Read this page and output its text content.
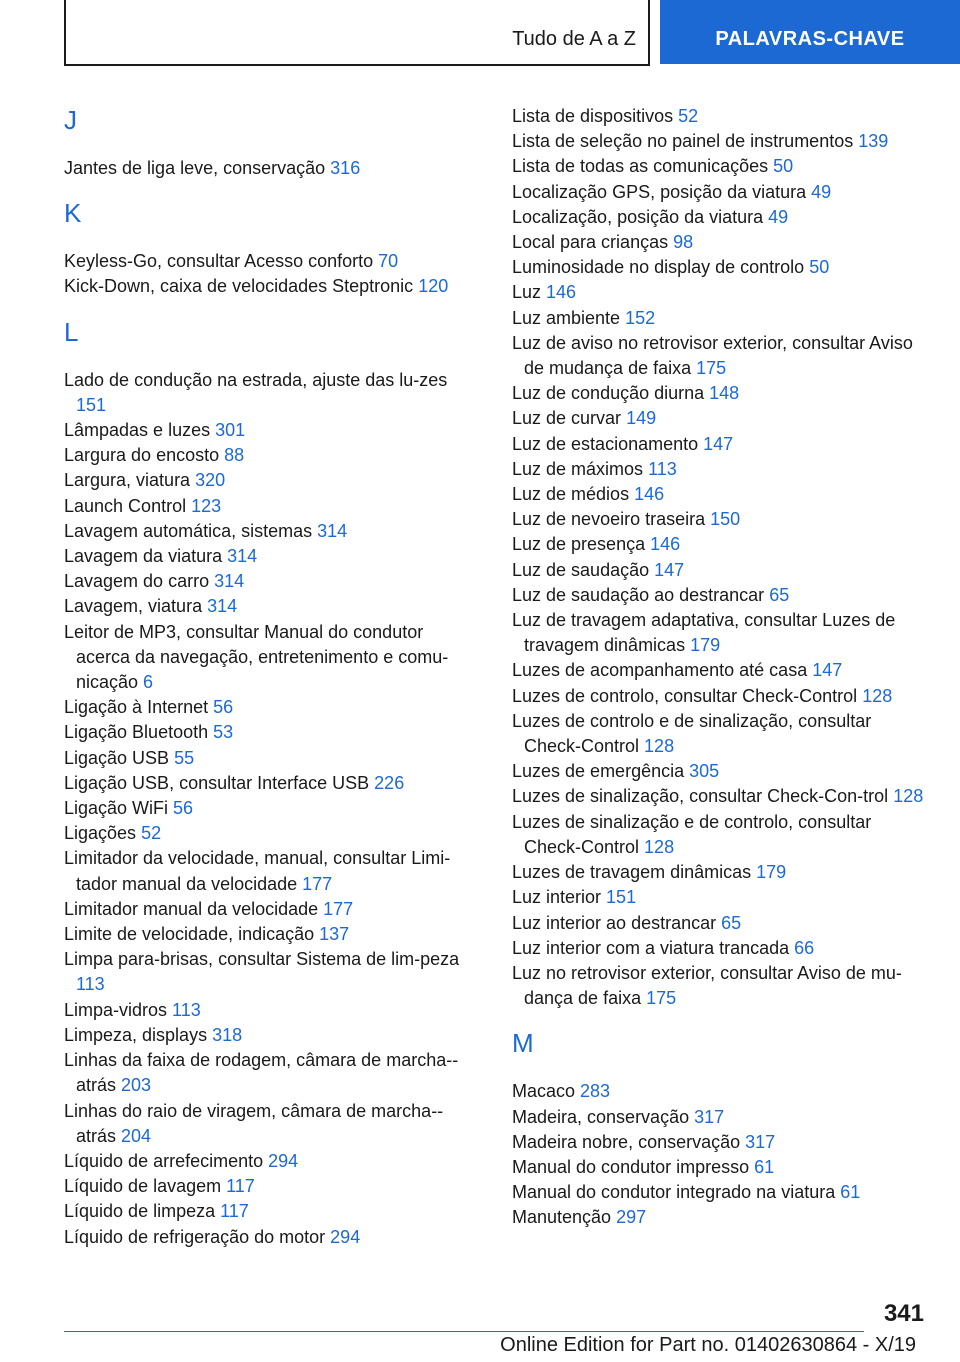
Tudo de A a Z	PALAVRAS-CHAVE
J
Jantes de liga leve, conservação 316
K
Keyless-Go, consultar Acesso conforto 70
Kick-Down, caixa de velocidades Steptronic 120
L
Lado de condução na estrada, ajuste das lu-zes 151
Lâmpadas e luzes 301
Largura do encosto 88
Largura, viatura 320
Launch Control 123
Lavagem automática, sistemas 314
Lavagem da viatura 314
Lavagem do carro 314
Lavagem, viatura 314
Leitor de MP3, consultar Manual do condutor acerca da navegação, entretenimento e comu-nicação 6
Ligação à Internet 56
Ligação Bluetooth 53
Ligação USB 55
Ligação USB, consultar Interface USB 226
Ligação WiFi 56
Ligações 52
Limitador da velocidade, manual, consultar Limi-tador manual da velocidade 177
Limitador manual da velocidade 177
Limite de velocidade, indicação 137
Limpa para-brisas, consultar Sistema de lim-peza 113
Limpa-vidros 113
Limpeza, displays 318
Linhas da faixa de rodagem, câmara de marcha--atrás 203
Linhas do raio de viragem, câmara de marcha--atrás 204
Líquido de arrefecimento 294
Líquido de lavagem 117
Líquido de limpeza 117
Líquido de refrigeração do motor 294
Lista de dispositivos 52
Lista de seleção no painel de instrumentos 139
Lista de todas as comunicações 50
Localização GPS, posição da viatura 49
Localização, posição da viatura 49
Local para crianças 98
Luminosidade no display de controlo 50
Luz 146
Luz ambiente 152
Luz de aviso no retrovisor exterior, consultar Aviso de mudança de faixa 175
Luz de condução diurna 148
Luz de curvar 149
Luz de estacionamento 147
Luz de máximos 113
Luz de médios 146
Luz de nevoeiro traseira 150
Luz de presença 146
Luz de saudação 147
Luz de saudação ao destrancar 65
Luz de travagem adaptativa, consultar Luzes de travagem dinâmicas 179
Luzes de acompanhamento até casa 147
Luzes de controlo, consultar Check-Control 128
Luzes de controlo e de sinalização, consultar Check-Control 128
Luzes de emergência 305
Luzes de sinalização, consultar Check-Con-trol 128
Luzes de sinalização e de controlo, consultar Check-Control 128
Luzes de travagem dinâmicas 179
Luz interior 151
Luz interior ao destrancar 65
Luz interior com a viatura trancada 66
Luz no retrovisor exterior, consultar Aviso de mu-dança de faixa 175
M
Macaco 283
Madeira, conservação 317
Madeira nobre, conservação 317
Manual do condutor impresso 61
Manual do condutor integrado na viatura 61
Manutenção 297
341
Online Edition for Part no. 01402630864 - X/19
